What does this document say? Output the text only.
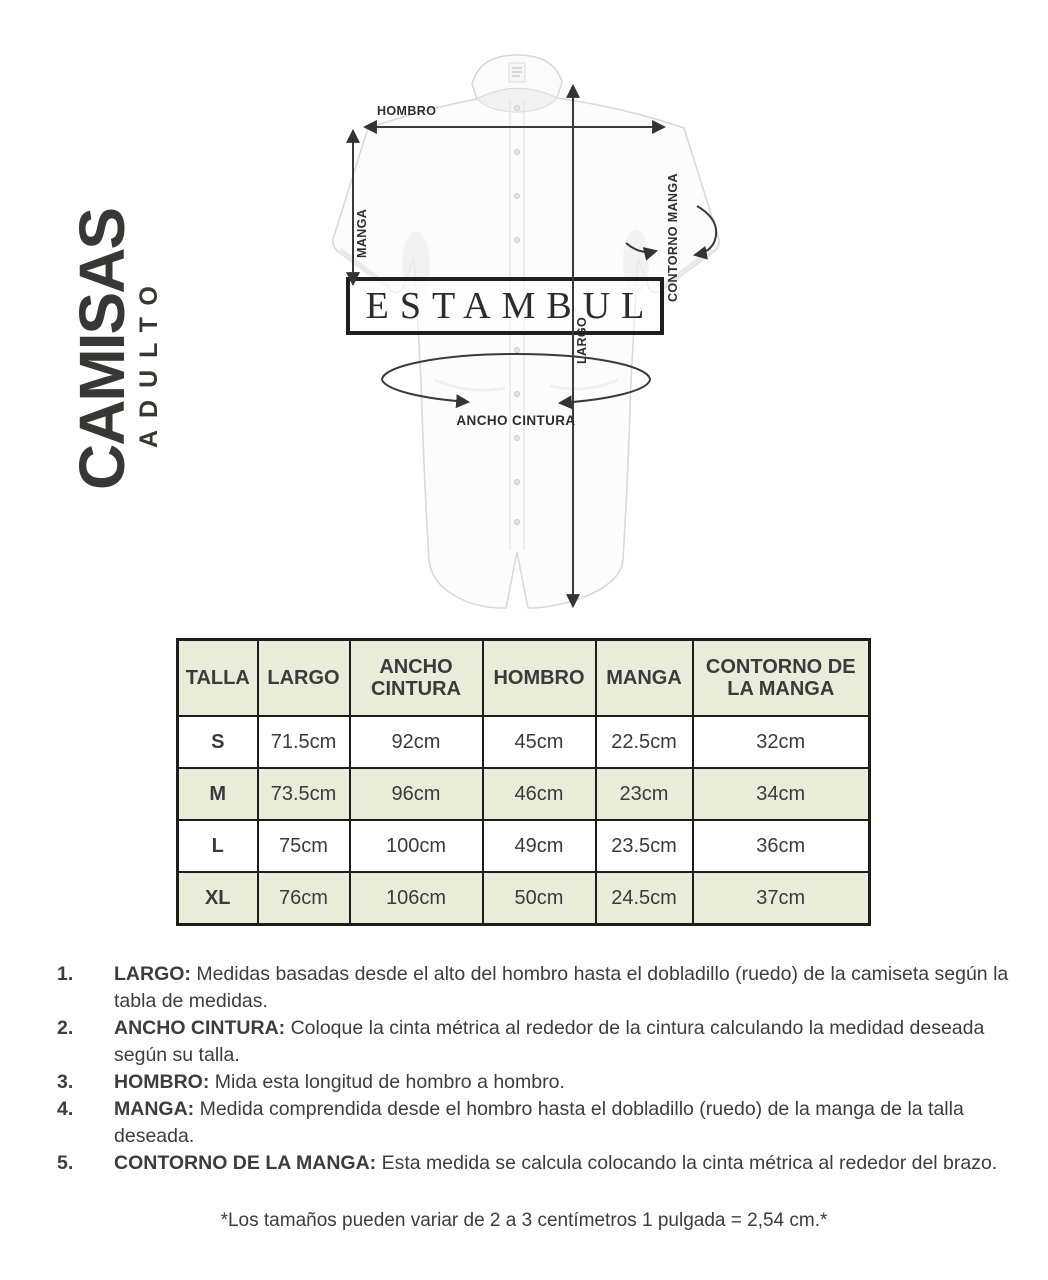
CAMISAS
ADULTO	ESTAMBUL
HOMBRO
MANGA
LARGO
CONTORNO MANGA
ANCHO CINTURA
TALLA	LARGO	ANCHO CINTURA	HOMBRO	MANGA	CONTORNO DE LA MANGA
S	71.5cm	92cm	45cm	22.5cm	32cm
M	73.5cm	96cm	46cm	23cm	34cm
L	75cm	100cm	49cm	23.5cm	36cm
XL	76cm	106cm	50cm	24.5cm	37cm
1.	LARGO: Medidas basadas desde el alto del hombro hasta el dobladillo (ruedo) de la camiseta según la tabla de medidas.
2.	ANCHO CINTURA: Coloque la cinta métrica al rededor de la cintura calculando la medidad deseada según su talla.
3.	HOMBRO: Mida esta longitud de hombro a hombro.
4.	MANGA: Medida comprendida desde el hombro hasta el dobladillo (ruedo) de la manga de la talla deseada.
5.	CONTORNO DE LA MANGA: Esta medida se calcula colocando la cinta métrica al rededor del brazo.
*Los tamaños pueden variar de 2 a 3 centímetros 1 pulgada = 2,54 cm.*
